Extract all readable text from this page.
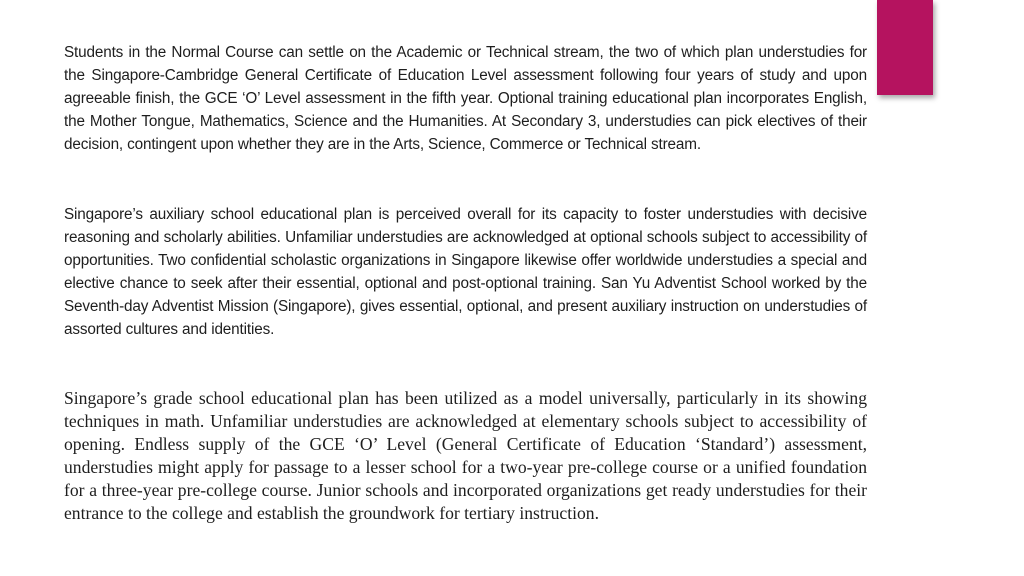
Students in the Normal Course can settle on the Academic or Technical stream, the two of which plan understudies for the Singapore-Cambridge General Certificate of Education Level assessment following four years of study and upon agreeable finish, the GCE ‘O’ Level assessment in the fifth year. Optional training educational plan incorporates English, the Mother Tongue, Mathematics, Science and the Humanities. At Secondary 3, understudies can pick electives of their decision, contingent upon whether they are in the Arts, Science, Commerce or Technical stream.

Singapore’s auxiliary school educational plan is perceived overall for its capacity to foster understudies with decisive reasoning and scholarly abilities. Unfamiliar understudies are acknowledged at optional schools subject to accessibility of opportunities. Two confidential scholastic organizations in Singapore likewise offer worldwide understudies a special and elective chance to seek after their essential, optional and post-optional training. San Yu Adventist School worked by the Seventh-day Adventist Mission (Singapore), gives essential, optional, and present auxiliary instruction on understudies of assorted cultures and identities.

Singapore’s grade school educational plan has been utilized as a model universally, particularly in its showing techniques in math. Unfamiliar understudies are acknowledged at elementary schools subject to accessibility of opening. Endless supply of the GCE ‘O’ Level (General Certificate of Education ‘Standard’) assessment, understudies might apply for passage to a lesser school for a two-year pre-college course or a unified foundation for a three-year pre-college course. Junior schools and incorporated organizations get ready understudies for their entrance to the college and establish the groundwork for tertiary instruction.
